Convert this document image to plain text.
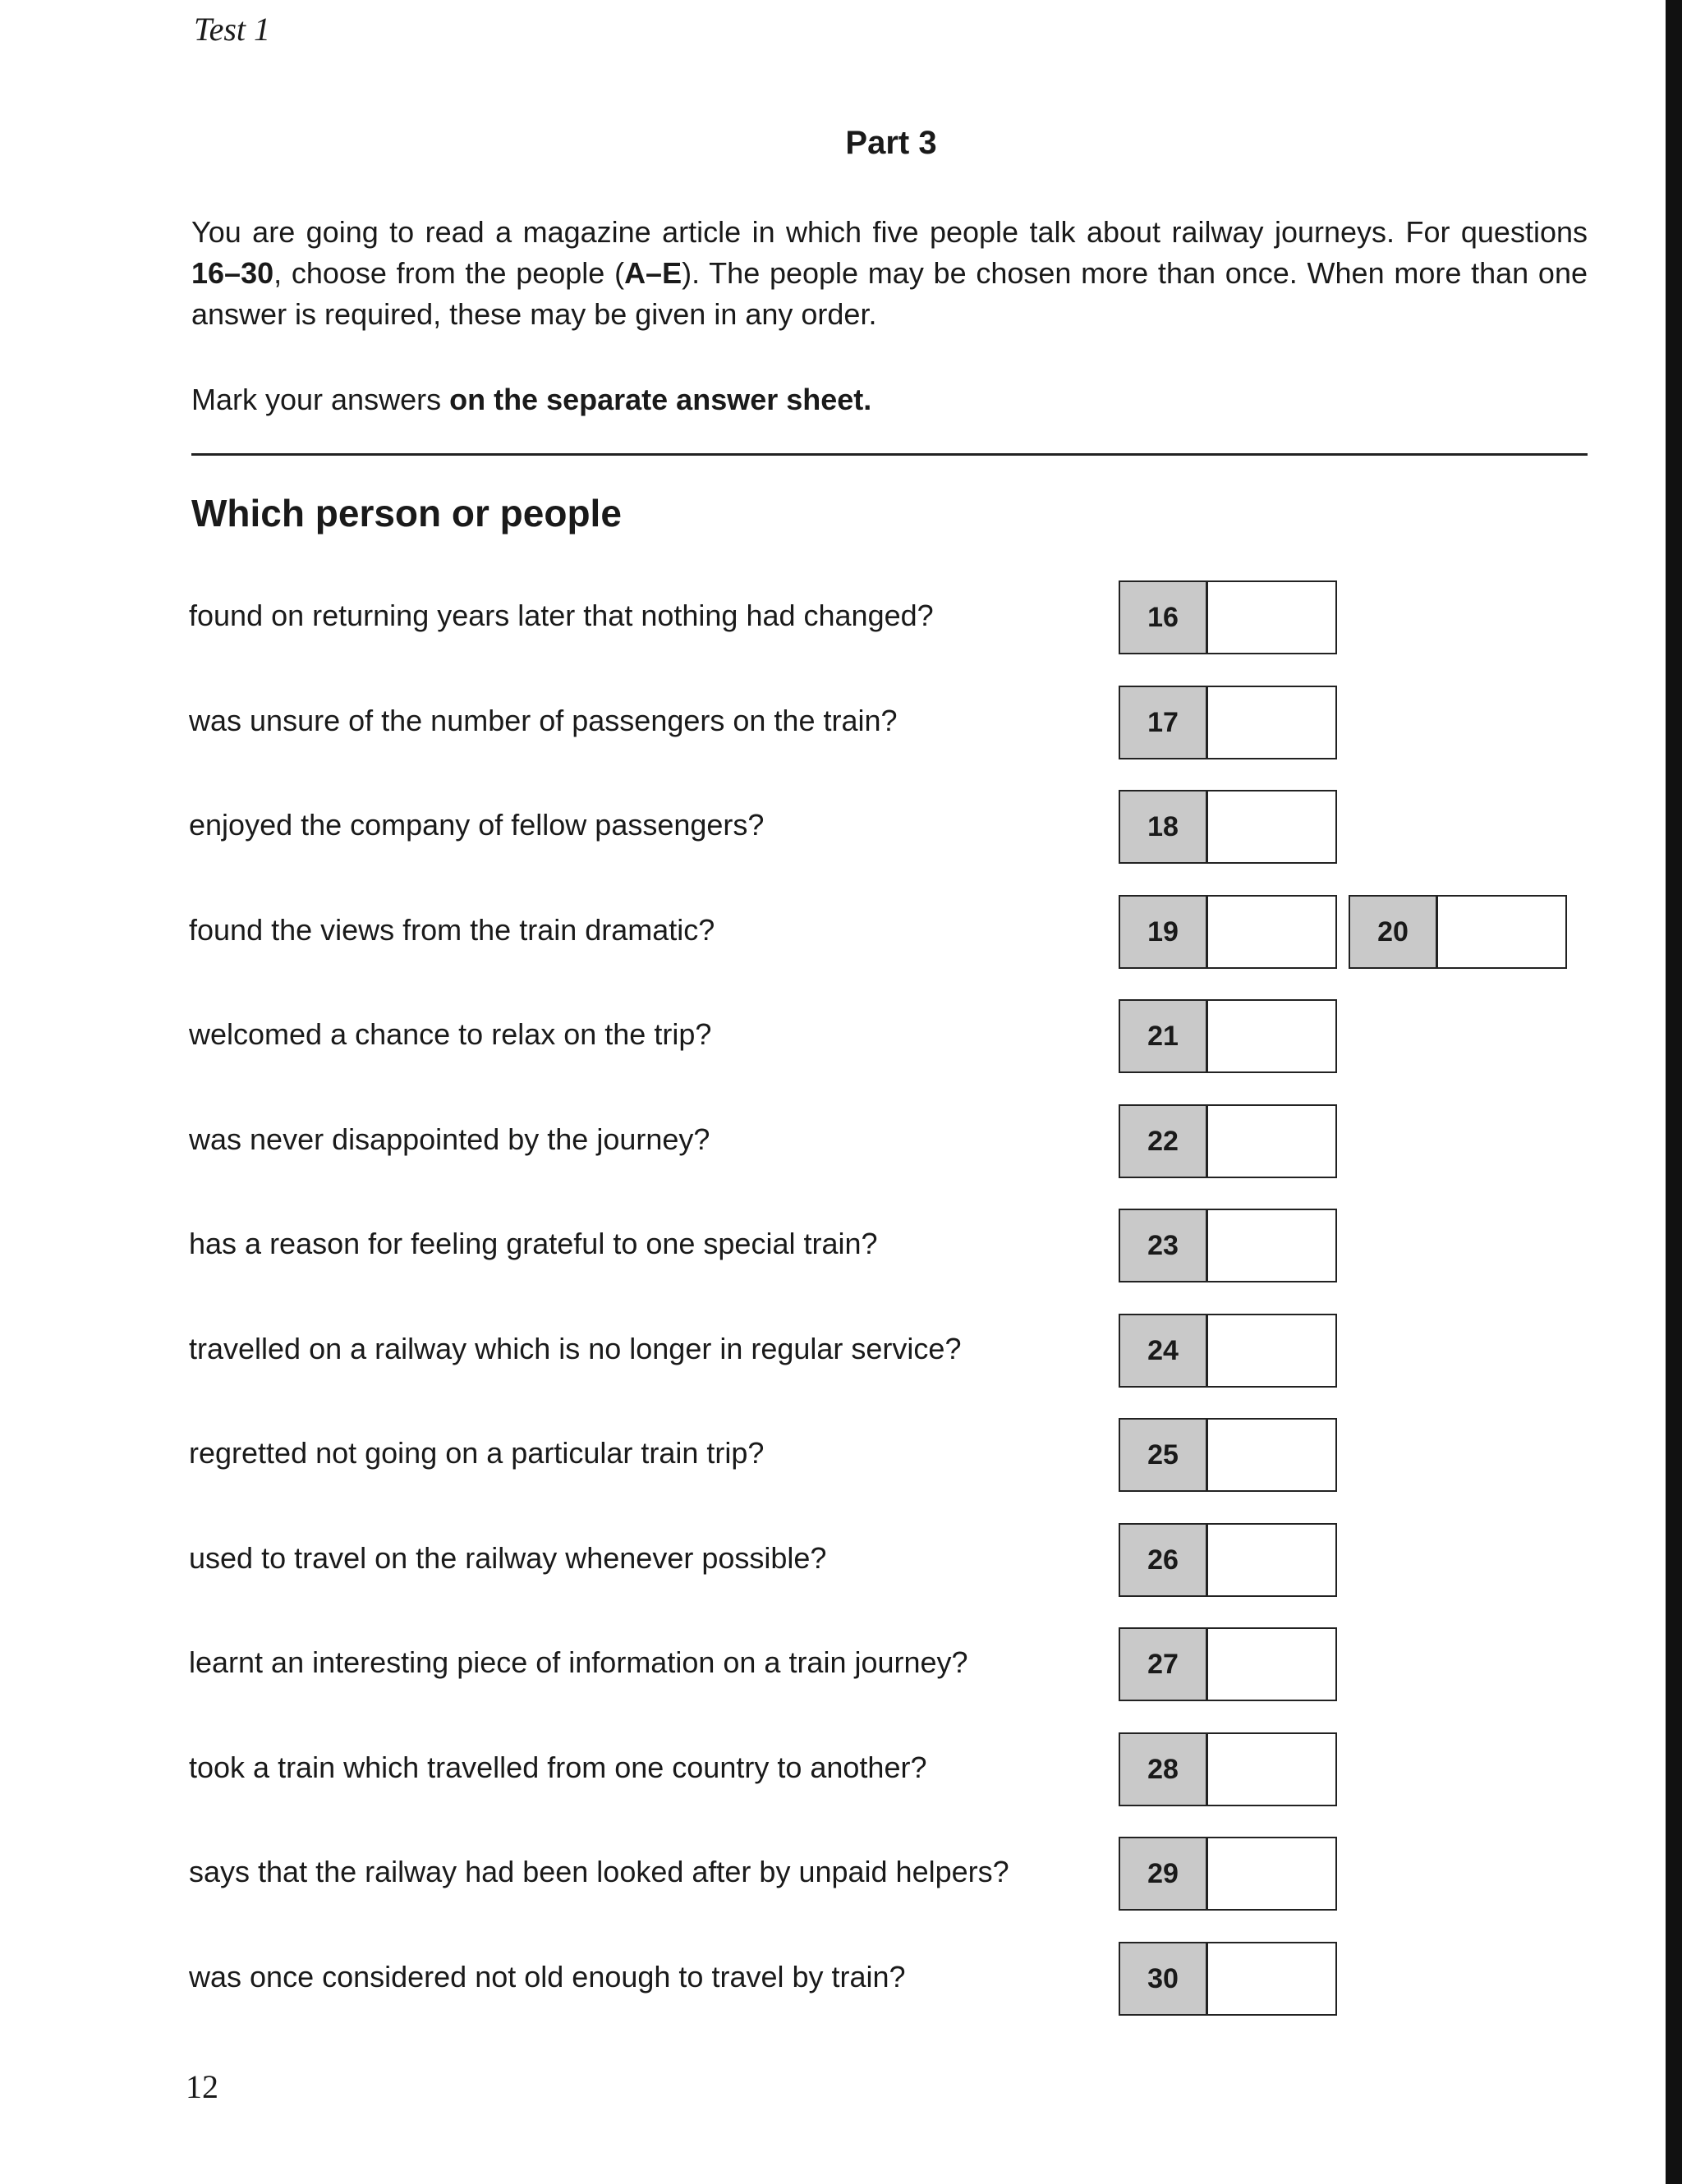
Test 1
Part 3

You are going to read a magazine article in which five people talk about railway journeys. For questions 16–30, choose from the people (A–E). The people may be chosen more than once. When more than one answer is required, these may be given in any order.

Mark your answers on the separate answer sheet.
Which person or people
found on returning years later that nothing had changed?	16
was unsure of the number of passengers on the train?	17
enjoyed the company of fellow passengers?	18
found the views from the train dramatic?	19	20
welcomed a chance to relax on the trip?	21
was never disappointed by the journey?	22
has a reason for feeling grateful to one special train?	23
travelled on a railway which is no longer in regular service?	24
regretted not going on a particular train trip?	25
used to travel on the railway whenever possible?	26
learnt an interesting piece of information on a train journey?	27
took a train which travelled from one country to another?	28
says that the railway had been looked after by unpaid helpers?	29
was once considered not old enough to travel by train?	30
12
